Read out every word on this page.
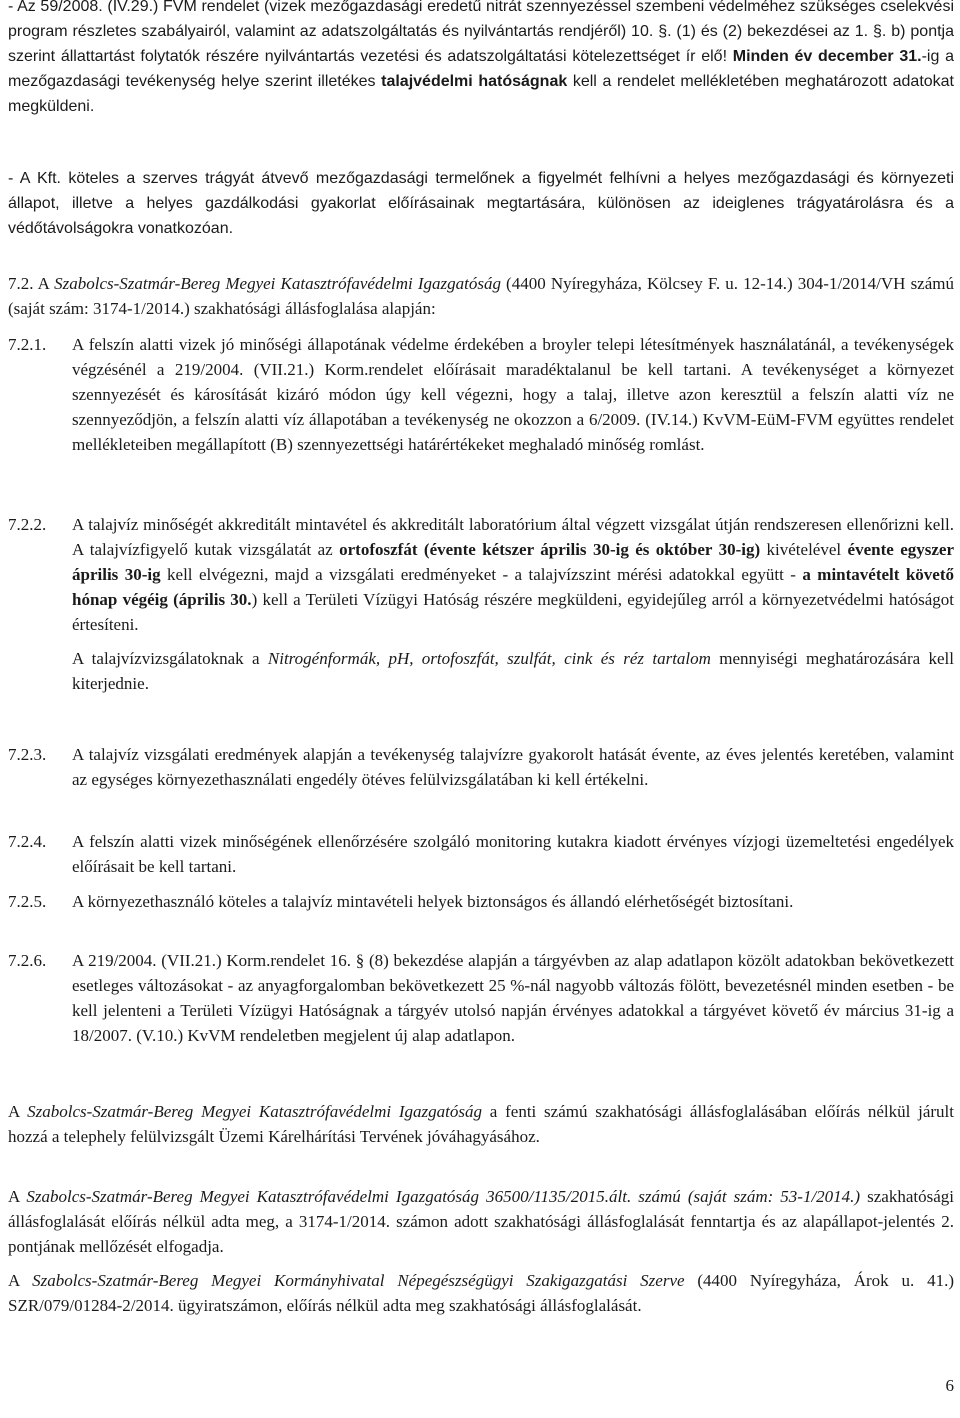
- Az 59/2008. (IV.29.) FVM rendelet (vizek mezőgazdasági eredetű nitrát szennyezéssel szembeni védelméhez szükséges cselekvési program részletes szabályairól, valamint az adatszolgáltatás és nyilvántartás rendjéről) 10. §. (1) és (2) bekezdései az 1. §. b) pontja szerint állattartást folytatók részére nyilvántartás vezetési és adatszolgáltatási kötelezettséget ír elő! Minden év december 31.-ig a mezőgazdasági tevékenység helye szerint illetékes talajvédelmi hatóságnak kell a rendelet mellékletében meghatározott adatokat megküldeni.

- A Kft. köteles a szerves trágyát átvevő mezőgazdasági termelőnek a figyelmét felhívni a helyes mezőgazdasági és környezeti állapot, illetve a helyes gazdálkodási gyakorlat előírásainak megtartására, különösen az ideiglenes trágyatárolásra és a védőtávolságokra vonatkozóan.

7.2. A Szabolcs-Szatmár-Bereg Megyei Katasztrófavédelmi Igazgatóság (4400 Nyíregyháza, Kölcsey F. u. 12-14.) 304-1/2014/VH számú (saját szám: 3174-1/2014.) szakhatósági állásfoglalása alapján:

7.2.1.	A felszín alatti vizek jó minőségi állapotának védelme érdekében a broyler telepi létesítmények használatánál, a tevékenységek végzésénél a 219/2004. (VII.21.) Korm.rendelet előírásait maradéktalanul be kell tartani. A tevékenységet a környezet szennyezését és károsítását kizáró módon úgy kell végezni, hogy a talaj, illetve azon keresztül a felszín alatti víz ne szennyeződjön, a felszín alatti víz állapotában a tevékenység ne okozzon a 6/2009. (IV.14.) KvVM-EüM-FVM együttes rendelet mellékleteiben megállapított (B) szennyezettségi határértékeket meghaladó minőség romlást.
7.2.2.	A talajvíz minőségét akkreditált mintavétel és akkreditált laboratórium által végzett vizsgálat útján rendszeresen ellenőrizni kell. A talajvízfigyelő kutak vizsgálatát az ortofoszfát (évente kétszer április 30-ig és október 30-ig) kivételével évente egyszer április 30-ig kell elvégezni, majd a vizsgálati eredményeket - a talajvízszint mérési adatokkal együtt - a mintavételt követő hónap végéig (április 30.) kell a Területi Vízügyi Hatóság részére megküldeni, egyidejűleg arról a környezetvédelmi hatóságot értesíteni.
A talajvízvizsgálatoknak a Nitrogénformák, pH, ortofoszfát, szulfát, cink és réz tartalom mennyiségi meghatározására kell kiterjednie.
7.2.3.	A talajvíz vizsgálati eredmények alapján a tevékenység talajvízre gyakorolt hatását évente, az éves jelentés keretében, valamint az egységes környezethasználati engedély ötéves felülvizsgálatában ki kell értékelni.
7.2.4.	A felszín alatti vizek minőségének ellenőrzésére szolgáló monitoring kutakra kiadott érvényes vízjogi üzemeltetési engedélyek előírásait be kell tartani.
7.2.5.	A környezethasználó köteles a talajvíz mintavételi helyek biztonságos és állandó elérhetőségét biztosítani.
7.2.6.	A 219/2004. (VII.21.) Korm.rendelet 16. § (8) bekezdése alapján a tárgyévben az alap adatlapon közölt adatokban bekövetkezett esetleges változásokat - az anyagforgalomban bekövetkezett 25 %-nál nagyobb változás fölött, bevezetésnél minden esetben - be kell jelenteni a Területi Vízügyi Hatóságnak a tárgyév utolsó napján érvényes adatokkal a tárgyévet követő év március 31-ig a 18/2007. (V.10.) KvVM rendeletben megjelent új alap adatlapon.

A Szabolcs-Szatmár-Bereg Megyei Katasztrófavédelmi Igazgatóság a fenti számú szakhatósági állásfoglalásában előírás nélkül járult hozzá a telephely felülvizsgált Üzemi Kárelhárítási Tervének jóváhagyásához.

A Szabolcs-Szatmár-Bereg Megyei Katasztrófavédelmi Igazgatóság 36500/1135/2015.ált. számú (saját szám: 53-1/2014.) szakhatósági állásfoglalását előírás nélkül adta meg, a 3174-1/2014. számon adott szakhatósági állásfoglalását fenntartja és az alapállapot-jelentés 2. pontjának mellőzését elfogadja.

A Szabolcs-Szatmár-Bereg Megyei Kormányhivatal Népegészségügyi Szakigazgatási Szerve (4400 Nyíregyháza, Árok u. 41.) SZR/079/01284-2/2014. ügyiratszámon, előírás nélkül adta meg szakhatósági állásfoglalását.

6
